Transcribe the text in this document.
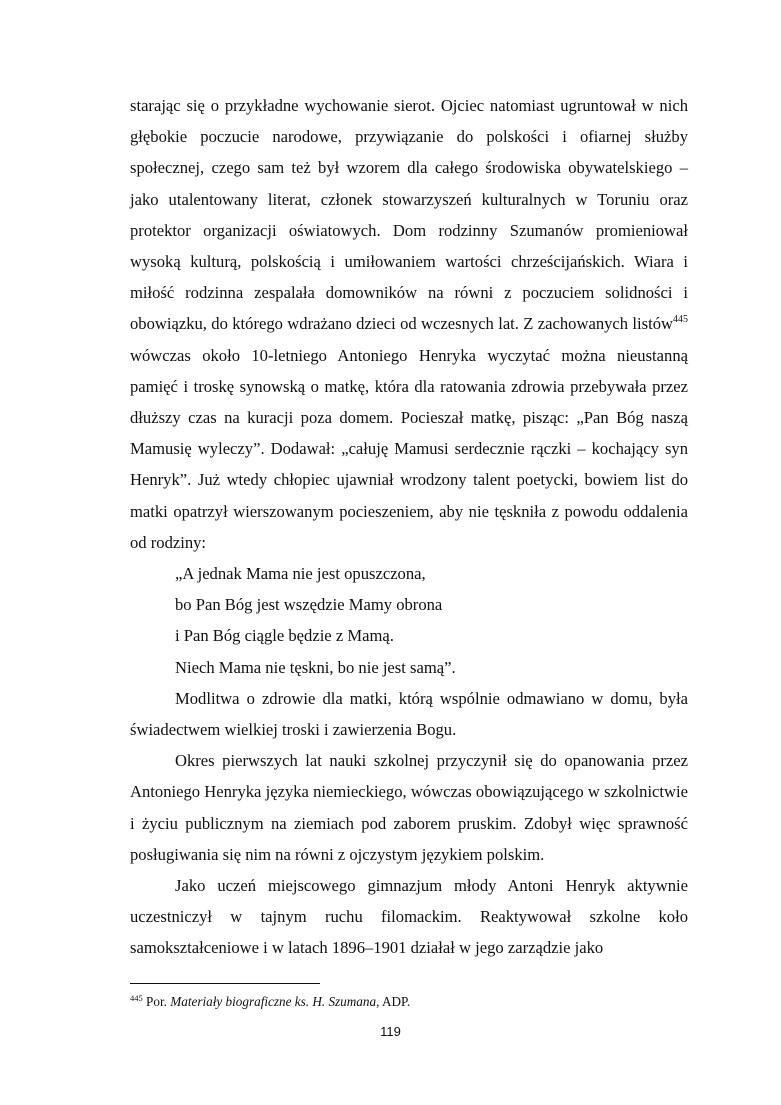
starając się o przykładne wychowanie sierot. Ojciec natomiast ugruntował w nich głębokie poczucie narodowe, przywiązanie do polskości i ofiarnej służby społecznej, czego sam też był wzorem dla całego środowiska obywatelskiego – jako utalentowany literat, członek stowarzyszeń kulturalnych w Toruniu oraz protektor organizacji oświatowych. Dom rodzinny Szumanów promieniował wysoką kulturą, polskością i umiłowaniem wartości chrześcijańskich. Wiara i miłość rodzinna zespalała domowników na równi z poczuciem solidności i obowiązku, do którego wdrażano dzieci od wczesnych lat. Z zachowanych listów$^{445}$ wówczas około 10-letniego Antoniego Henryka wyczytać można nieustanną pamięć i troskę synowską o matkę, która dla ratowania zdrowia przebywała przez dłuższy czas na kuracji poza domem. Pocieszał matkę, pisząc: „Pan Bóg naszą Mamusię wyleczy”. Dodawał: „całuję Mamusi serdecznie rączki – kochający syn Henryk”. Już wtedy chłopiec ujawniał wrodzony talent poetycki, bowiem list do matki opatrzył wierszowanym pocieszeniem, aby nie tęskniła z powodu oddalenia od rodziny:

„A jednak Mama nie jest opuszczona,
bo Pan Bóg jest wszędzie Mamy obrona
i Pan Bóg ciągle będzie z Mamą.
Niech Mama nie tęskni, bo nie jest samą”.

Modlitwa o zdrowie dla matki, którą wspólnie odmawiano w domu, była świadectwem wielkiej troski i zawierzenia Bogu.

Okres pierwszych lat nauki szkolnej przyczynił się do opanowania przez Antoniego Henryka języka niemieckiego, wówczas obowiązującego w szkolnictwie i życiu publicznym na ziemiach pod zaborem pruskim. Zdobył więc sprawność posługiwania się nim na równi z ojczystym językiem polskim.

Jako uczeń miejscowego gimnazjum młody Antoni Henryk aktywnie uczestniczył w tajnym ruchu filomackim. Reaktywował szkolne koło samokształceniowe i w latach 1896–1901 działał w jego zarządzie jako

$^{445}$ Por. Materiały biograficzne ks. H. Szumana, ADP.
119
